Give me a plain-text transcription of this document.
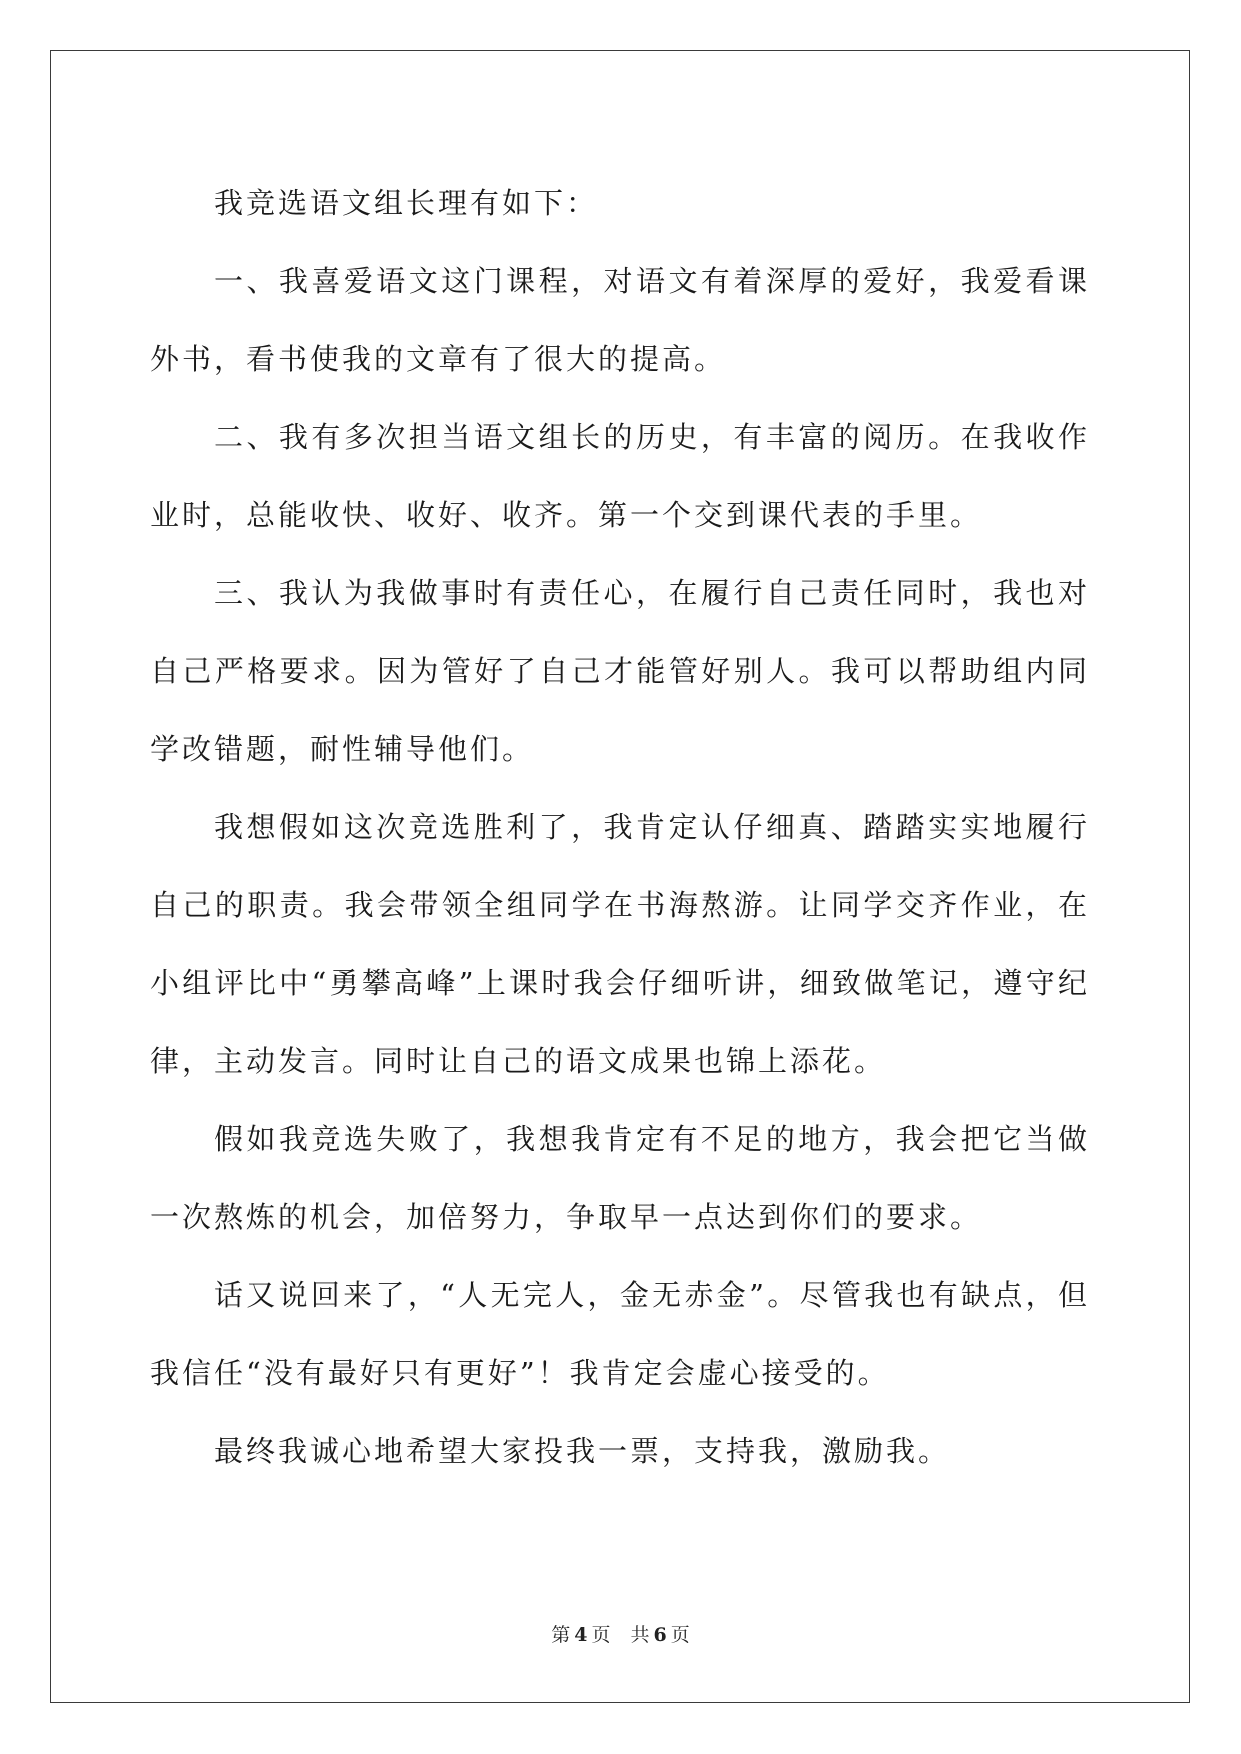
我竞选语文组长理有如下：

一、我喜爱语文这门课程，对语文有着深厚的爱好，我爱看课外书，看书使我的文章有了很大的提高。

二、我有多次担当语文组长的历史，有丰富的阅历。在我收作业时，总能收快、收好、收齐。第一个交到课代表的手里。

三、我认为我做事时有责任心，在履行自己责任同时，我也对自己严格要求。因为管好了自己才能管好别人。我可以帮助组内同学改错题，耐性辅导他们。

我想假如这次竞选胜利了，我肯定认仔细真、踏踏实实地履行自己的职责。我会带领全组同学在书海熬游。让同学交齐作业，在小组评比中“勇攀高峰”上课时我会仔细听讲，细致做笔记，遵守纪律，主动发言。同时让自己的语文成果也锦上添花。

假如我竞选失败了，我想我肯定有不足的地方，我会把它当做一次熬炼的机会，加倍努力，争取早一点达到你们的要求。

话又说回来了，“人无完人，金无赤金”。尽管我也有缺点，但我信任“没有最好只有更好”！我肯定会虚心接受的。

最终我诚心地希望大家投我一票，支持我，激励我。

第 4 页 共 6 页
